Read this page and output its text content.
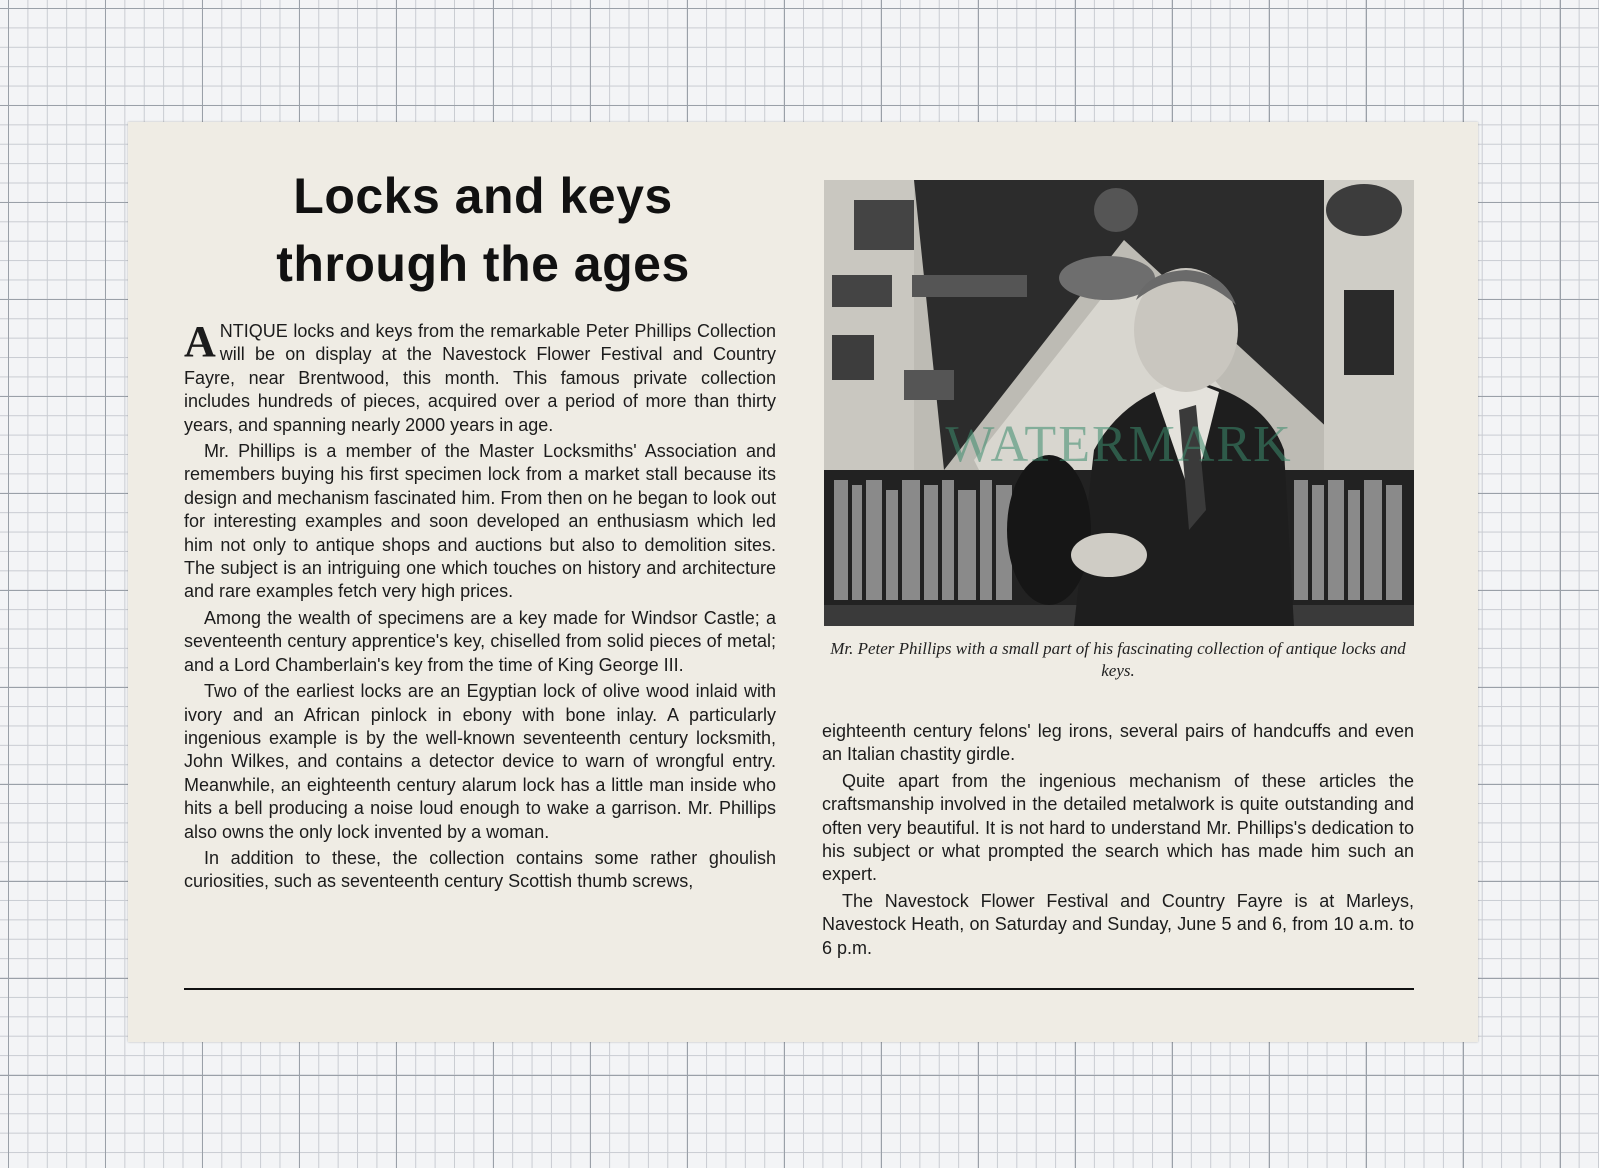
Locks and keys
through the ages

ANTIQUE locks and keys from the remarkable Peter Phillips Collection will be on display at the Navestock Flower Festival and Country Fayre, near Brentwood, this month. This famous private collection includes hundreds of pieces, acquired over a period of more than thirty years, and spanning nearly 2000 years in age.

Mr. Phillips is a member of the Master Locksmiths' Association and remembers buying his first specimen lock from a market stall because its design and mechanism fascinated him. From then on he began to look out for interesting examples and soon developed an enthusiasm which led him not only to antique shops and auctions but also to demolition sites. The subject is an intriguing one which touches on history and architecture and rare examples fetch very high prices.

Among the wealth of specimens are a key made for Windsor Castle; a seventeenth century apprentice's key, chiselled from solid pieces of metal; and a Lord Chamberlain's key from the time of King George III.

Two of the earliest locks are an Egyptian lock of olive wood inlaid with ivory and an African pinlock in ebony with bone inlay. A particularly ingenious example is by the well-known seventeenth century locksmith, John Wilkes, and contains a detector device to warn of wrongful entry. Meanwhile, an eighteenth century alarum lock has a little man inside who hits a bell producing a noise loud enough to wake a garrison. Mr. Phillips also owns the only lock invented by a woman.

In addition to these, the collection contains some rather ghoulish curiosities, such as seventeenth century Scottish thumb screws,

WATERMARK
Mr. Peter Phillips with a small part of his fascinating collection of antique locks and keys.

eighteenth century felons' leg irons, several pairs of handcuffs and even an Italian chastity girdle.

Quite apart from the ingenious mechanism of these articles the craftsmanship involved in the detailed metalwork is quite outstanding and often very beautiful. It is not hard to understand Mr. Phillips's dedication to his subject or what prompted the search which has made him such an expert.

The Navestock Flower Festival and Country Fayre is at Marleys, Navestock Heath, on Saturday and Sunday, June 5 and 6, from 10 a.m. to 6 p.m.
